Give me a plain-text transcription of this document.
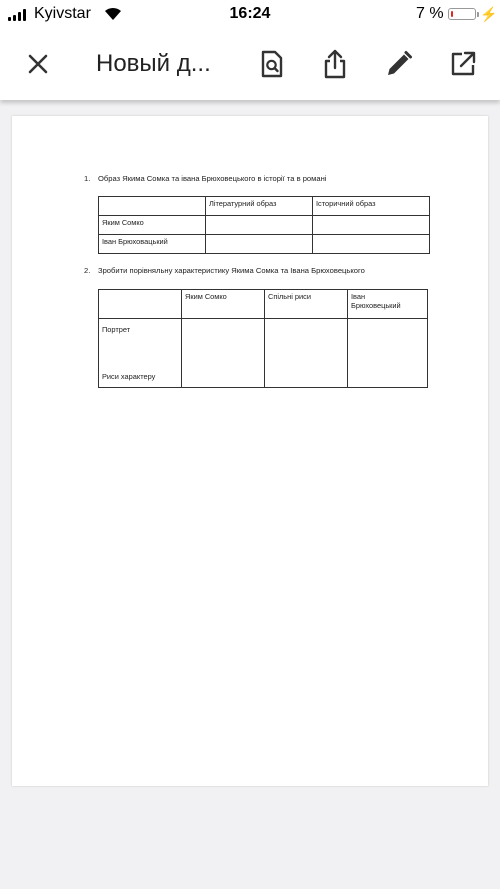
Kyivstar	16:24	7 %	⚡
Новый д...
1. Образ Якима Сомка та івана Брюховецького в історії та в романі
	Літературний образ	Історичний образ
Яким Сомко		
Іван Брюховацький		
2. Зробити порівняльну характеристику Якима Сомка та Івана Брюховецького
	Яким Сомко	Спільні риси	Іван Брюховецький

Портрет
Риси характеру			
